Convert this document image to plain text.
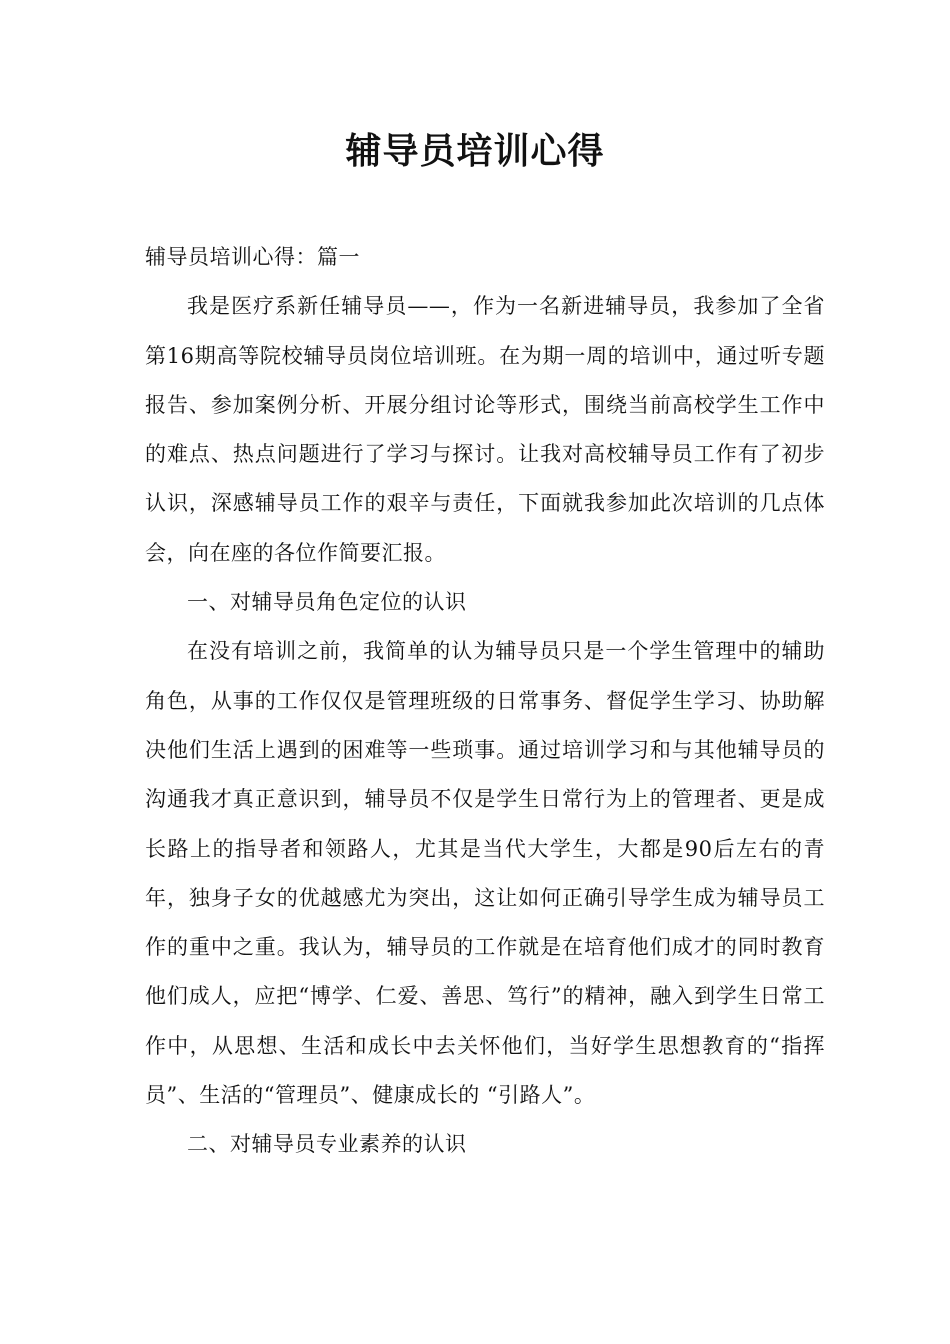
辅导员培训心得

辅导员培训心得：篇一

我是医疗系新任辅导员——，作为一名新进辅导员，我参加了全省第16期高等院校辅导员岗位培训班。在为期一周的培训中，通过听专题报告、参加案例分析、开展分组讨论等形式，围绕当前高校学生工作中的难点、热点问题进行了学习与探讨。让我对高校辅导员工作有了初步认识，深感辅导员工作的艰辛与责任，下面就我参加此次培训的几点体会，向在座的各位作简要汇报。

一、对辅导员角色定位的认识

在没有培训之前，我简单的认为辅导员只是一个学生管理中的辅助角色，从事的工作仅仅是管理班级的日常事务、督促学生学习、协助解决他们生活上遇到的困难等一些琐事。通过培训学习和与其他辅导员的沟通我才真正意识到，辅导员不仅是学生日常行为上的管理者、更是成长路上的指导者和领路人，尤其是当代大学生，大都是90后左右的青年，独身子女的优越感尤为突出，这让如何正确引导学生成为辅导员工作的重中之重。我认为，辅导员的工作就是在培育他们成才的同时教育他们成人，应把“博学、仁爱、善思、笃行”的精神，融入到学生日常工作中，从思想、生活和成长中去关怀他们，当好学生思想教育的“指挥员”、生活的“管理员”、健康成长的 “引路人”。

二、对辅导员专业素养的认识
